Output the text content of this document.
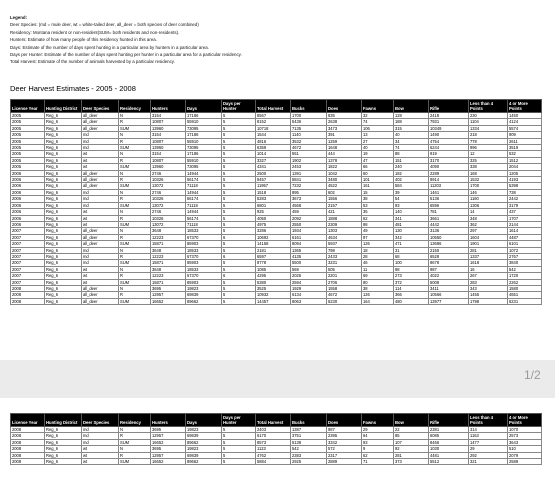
Legend:
Deer Species: (md = mule deer, wt = white-tailed deer, all_deer = both species of deer combined)
Residency: Montana resident or non-resident(SUM= both residents and non-residents).
Hunters: Estimate of how many people of this residency hunted in this area.
Days: Estimate of the number of days spent hunting in a particular area by hunters in a particular area.
Days per Hunter: Estimate of the number of days spent hunting per hunter in a particular area for a particular residency.
Total Harvest: Estimate of the number of animals harvested by a particular residency.
Deer Harvest Estimates - 2005 - 2008
License Year	Hunting District	Deer Species	Residency	Hunters	Days	Days per Hunter	Total Harvest	Bucks	Does	Fawns	Bow	Rifle	Less than 4 Points	4 or More Points
2005	Reg_6	all_deer	N	3154	17186	5	8567	1700	835	32	128	2418	230	1450
2005	Reg_6	all_deer	R	10807	55910	5	8152	5436	2638	74	188	7931	1104	4124
2005	Reg_6	all_deer	SUM	13960	73095	5	10718	7135	3473	106	315	10349	1334	5574
2005	Reg_6	md	N	3154	17186	5	1544	1140	391	13	40	1490	218	909
2005	Reg_6	md	R	10807	55910	5	4816	3532	1259	27	34	4754	778	2611
2005	Reg_6	md	SUM	13960	73095	5	6359	4672	1648	40	74	6244	996	3519
2005	Reg_6	wt	N	3154	17186	5	1014	551	444	19	88	919	12	532
2005	Reg_6	wt	R	10807	55910	5	3327	1902	1378	47	151	3170	325	1512
2005	Reg_6	wt	SUM	13960	73095	5	4341	2453	1822	66	240	4090	338	2044
2006	Reg_6	all_deer	N	2746	14944	5	2500	1391	1042	60	182	2289	168	1205
2006	Reg_6	all_deer	R	10326	56174	5	9457	5841	3480	101	402	8914	1532	4193
2006	Reg_6	all_deer	SUM	13072	71118	5	11957	7232	4522	161	584	11203	1700	5398
2006	Reg_6	md	N	2746	14944	5	1518	895	602	15	39	1461	146	738
2006	Reg_6	md	R	10326	56174	5	5283	3673	1556	38	54	5136	1160	2442
2006	Reg_6	md	SUM	13072	71118	5	6801	4568	2157	53	93	6596	1306	3179
2006	Reg_6	wt	N	2746	14944	5	925	459	421	35	140	781	14	437
2006	Reg_6	wt	R	10326	56174	5	4050	2092	1888	62	341	3661	348	1707
2006	Reg_6	wt	SUM	13072	71118	5	4975	2550	2309	98	481	4442	362	2144
2007	Reg_6	all_deer	N	3648	18533	5	3286	1934	1303	49	130	3136	297	1614
2007	Reg_6	all_deer	R	12223	67370	6	10692	6161	4634	97	342	10550	1604	4487
2007	Reg_6	all_deer	SUM	15871	85903	5	14158	8094	5937	126	471	13686	1901	6101
2007	Reg_6	md	N	3648	18533	5	2181	1365	798	18	31	2150	281	1072
2007	Reg_6	md	R	12223	67370	6	6597	4135	2433	28	68	6528	1337	2767
2007	Reg_6	md	SUM	15871	85903	5	8778	5500	3231	46	100	8678	1618	3840
2007	Reg_6	wt	N	3648	18533	5	1085	569	505	11	98	987	16	542
2007	Reg_6	wt	R	12223	67370	6	4295	2025	2201	69	273	4022	267	1720
2007	Reg_6	wt	SUM	15871	85903	5	5380	2594	2706	80	372	5008	283	2262
2008	Reg_6	all_deer	N	3695	19823	5	3525	1929	1558	38	114	3411	343	1580
2008	Reg_6	all_deer	R	12957	69839	5	10932	6134	4672	126	366	10566	1455	4651
2008	Reg_6	all_deer	SUM	16652	89662	5	14457	8063	6230	164	480	13977	1798	6231
1/2
License Year	Hunting District	Deer Species	Residency	Hunters	Days	Days per Hunter	Total Harvest	Bucks	Does	Fawns	Bow	Rifle	Less than 4 Points	4 or More Points
2008	Reg_6	md	N	3695	19823	5	2403	1387	987	29	22	2381	314	1070
2008	Reg_6	md	R	12957	69839	5	6170	3751	2395	64	85	6085	1163	2573
2008	Reg_6	md	SUM	16652	89662	5	8573	5138	3342	93	107	8466	1477	3643
2008	Reg_6	wt	N	3695	19823	5	1123	542	572	9	92	1030	29	510
2008	Reg_6	wt	R	12957	69839	5	4762	2383	2317	62	281	4481	292	2079
2008	Reg_6	wt	SUM	16652	89662	5	5884	2925	2889	71	373	5512	321	2589
